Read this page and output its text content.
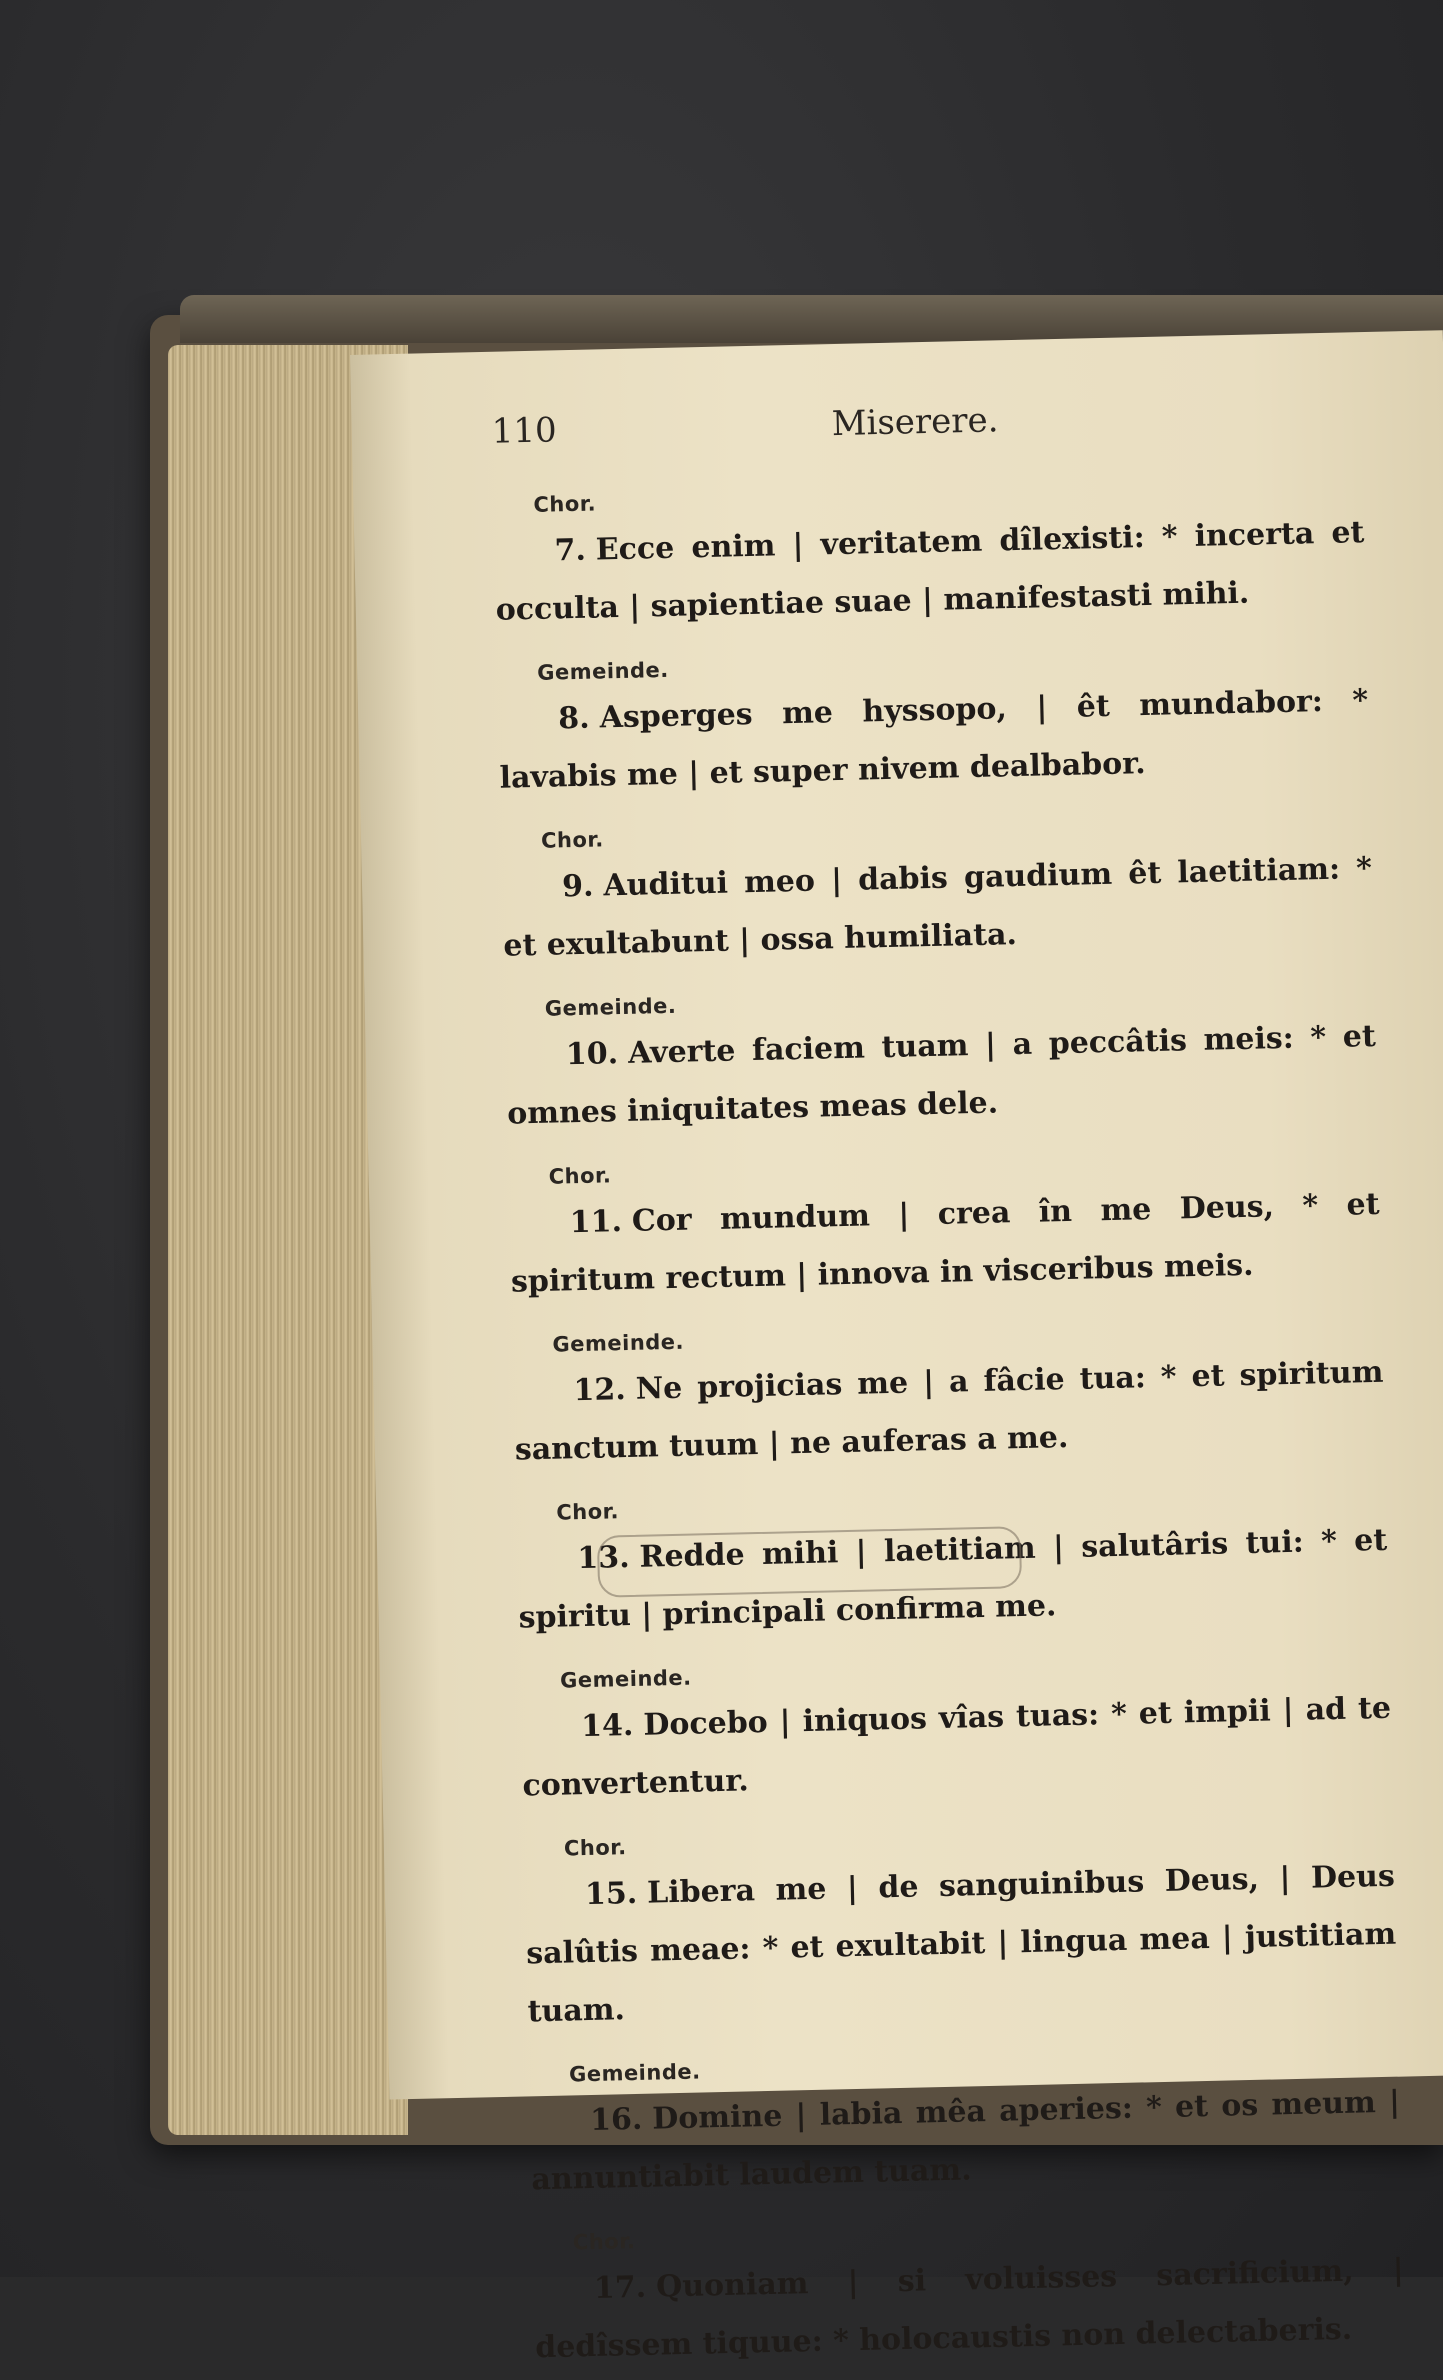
110	Miserere.
Chor.
7. Ecce enim | veritatem dîlexisti: * incerta et occulta | sapientiae suae | manifestasti mihi.
Gemeinde.
8. Asperges me hyssopo, | êt mundabor: * lavabis me | et super nivem dealbabor.
Chor.
9. Auditui meo | dabis gaudium êt laetitiam: * et exultabunt | ossa humiliata.
Gemeinde.
10. Averte faciem tuam | a peccâtis meis: * et omnes iniquitates meas dele.
Chor.
11. Cor mundum | crea în me Deus, * et spiritum rectum | innova in visceribus meis.
Gemeinde.
12. Ne projicias me | a fâcie tua: * et spiritum sanctum tuum | ne auferas a me.
Chor.
13. Redde mihi | laetitiam | salutâris tui: * et spiritu | principali confirma me.
Gemeinde.
14. Docebo | iniquos vîas tuas: * et impii | ad te convertentur.
Chor.
15. Libera me | de sanguinibus Deus, | Deus salûtis meae: * et exultabit | lingua mea | justitiam tuam.
Gemeinde.
16. Domine | labia mêa aperies: * et os meum | annuntiabit laudem tuam.
Chor.
17. Quoniam | si voluisses sacrificium, | dedîssem tiquue: * holocaustis non delectaberis.
